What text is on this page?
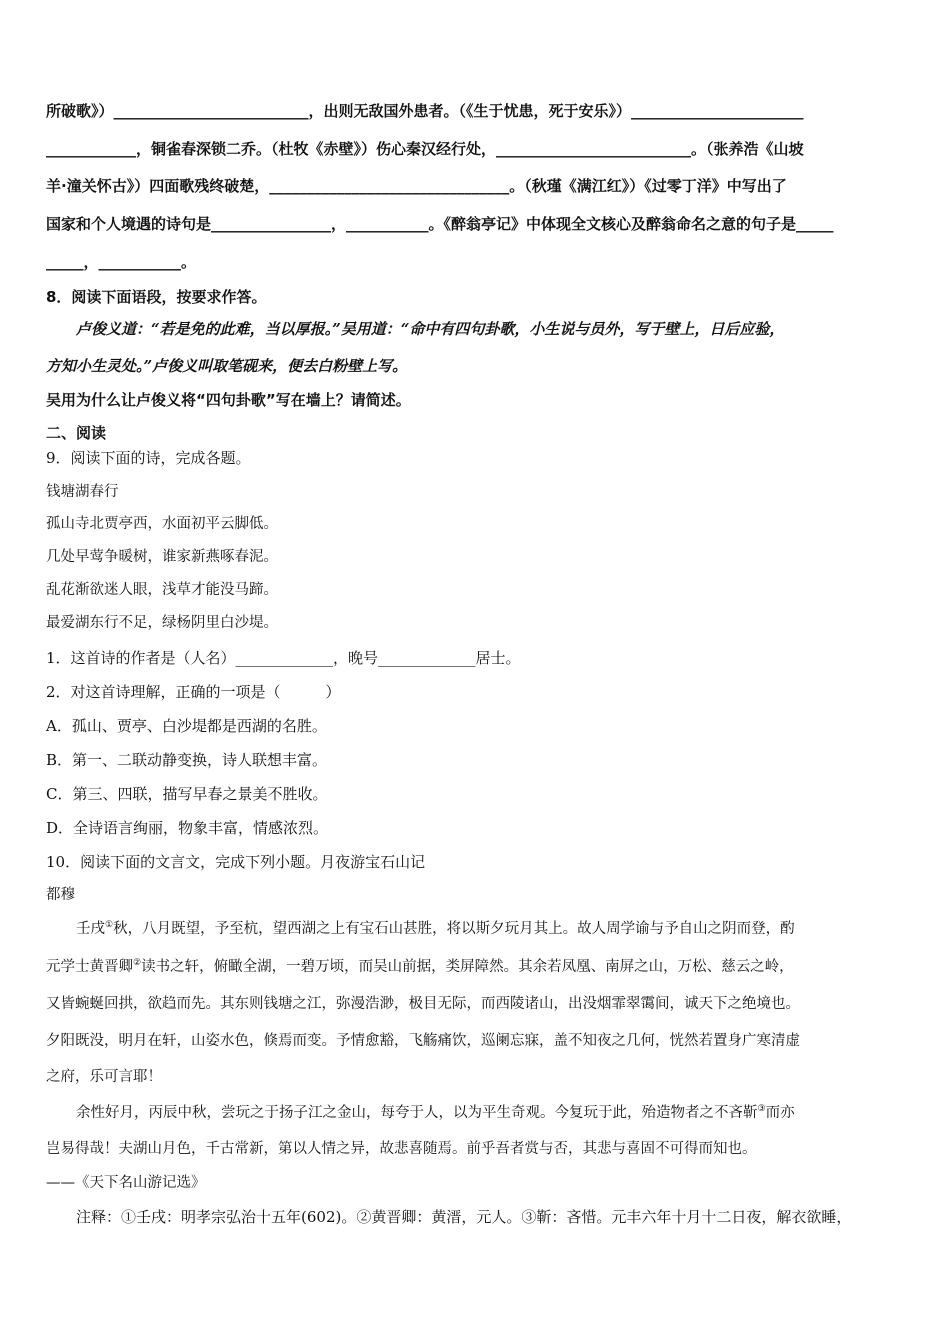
所破歌》）__________________________，出则无敌国外患者。（《生于忧患，死于安乐》）_______________________
____________，铜雀春深锁二乔。（杜牧《赤壁》）伤心秦汉经行处，__________________________。（张养浩《山坡
羊·潼关怀古》）四面歌残终破楚，________________________________。（秋瑾《满江红》）《过零丁洋》中写出了
国家和个人境遇的诗句是________________，___________。《醉翁亭记》中体现全文核心及醉翁命名之意的句子是_____
_____，___________。
8．阅读下面语段，按要求作答。
卢俊义道：“若是免的此难，当以厚报。”吴用道：“命中有四句卦歌，小生说与员外，写于壁上，日后应验，
方知小生灵处。”卢俊义叫取笔砚来，便去白粉壁上写。
吴用为什么让卢俊义将“四句卦歌”写在墙上？请简述。
二、阅读
9．阅读下面的诗，完成各题。
钱塘湖春行
孤山寺北贾亭西，水面初平云脚低。
几处早莺争暖树，谁家新燕啄春泥。
乱花渐欲迷人眼，浅草才能没马蹄。
最爱湖东行不足，绿杨阴里白沙堤。
1．这首诗的作者是（人名）_____________，晚号_____________居士。
2．对这首诗理解，正确的一项是（　　　）
A．孤山、贾亭、白沙堤都是西湖的名胜。
B．第一、二联动静变换，诗人联想丰富。
C．第三、四联，描写早春之景美不胜收。
D．全诗语言绚丽，物象丰富，情感浓烈。
10．阅读下面的文言文，完成下列小题。月夜游宝石山记
都穆
壬戌①秋，八月既望，予至杭，望西湖之上有宝石山甚胜，将以斯夕玩月其上。故人周学谕与予自山之阴而登，酌
元学士黄晋卿②读书之轩，俯瞰全湖，一碧万顷，而吴山前据，类屏障然。其余若凤凰、南屏之山，万松、慈云之岭，
又皆蜿蜒回拱，欲趋而先。其东则钱塘之江，弥漫浩渺，极目无际，而西陵诸山，出没烟霏翠霭间，诚天下之绝境也。
夕阳既没，明月在轩，山姿水色，倏焉而变。予情愈豁，飞觞痛饮，巡阑忘寐，盖不知夜之几何，恍然若置身广寒清虚
之府，乐可言耶！
余性好月，丙辰中秋，尝玩之于扬子江之金山，每夸于人，以为平生奇观。今复玩于此，殆造物者之不吝靳③而亦
岂易得哉！夫湖山月色，千古常新，第以人情之异，故悲喜随焉。前乎吾者赏与否，其悲与喜固不可得而知也。
——《天下名山游记选》
注释：①壬戌：明孝宗弘治十五年(602)。②黄晋卿：黄溍，元人。③靳：吝惜。元丰六年十月十二日夜，解衣欲睡，
